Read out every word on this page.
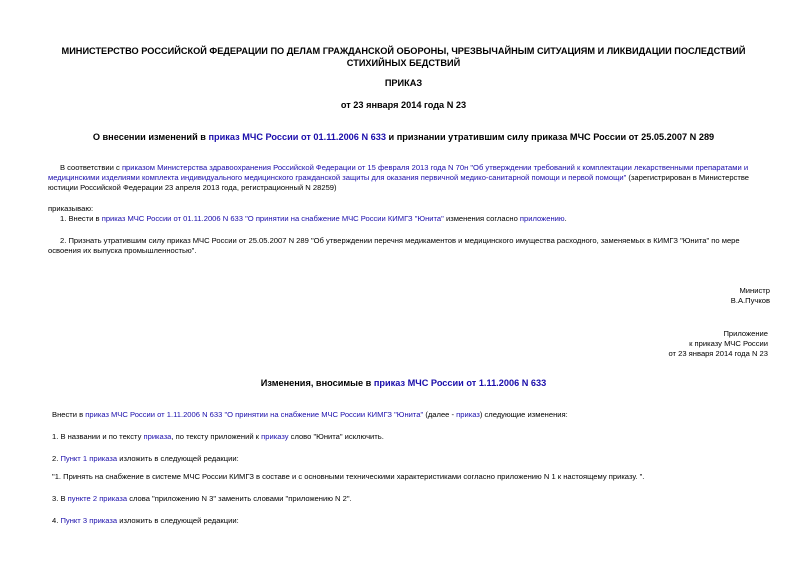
МИНИСТЕРСТВО РОССИЙСКОЙ ФЕДЕРАЦИИ ПО ДЕЛАМ ГРАЖДАНСКОЙ ОБОРОНЫ, ЧРЕЗВЫЧАЙНЫМ СИТУАЦИЯМ И ЛИКВИДАЦИИ ПОСЛЕДСТВИЙ СТИХИЙНЫХ БЕДСТВИЙ
ПРИКАЗ
от 23 января 2014 года N 23
О внесении изменений в приказ МЧС России от 01.11.2006 N 633 и признании утратившим силу приказа МЧС России от 25.05.2007 N 289
В соответствии с приказом Министерства здравоохранения Российской Федерации от 15 февраля 2013 года N 70н "Об утверждении требований к комплектации лекарственными препаратами и медицинскими изделиями комплекта индивидуального медицинского гражданской защиты для оказания первичной медико-санитарной помощи и первой помощи" (зарегистрирован в Министерстве юстиции Российской Федерации 23 апреля 2013 года, регистрационный N 28259)
приказываю:
1. Внести в приказ МЧС России от 01.11.2006 N 633 "О принятии на снабжение МЧС России КИМГЗ "Юнита" изменения согласно приложению.
2. Признать утратившим силу приказ МЧС России от 25.05.2007 N 289 "Об утверждении перечня медикаментов и медицинского имущества расходного, заменяемых в КИМГЗ "Юнита" по мере освоения их выпуска промышленностью".
Министр
В.А.Пучков
Приложение
к приказу МЧС России
от 23 января 2014 года N 23
Изменения, вносимые в приказ МЧС России от 1.11.2006 N 633
Внести в приказ МЧС России от 1.11.2006 N 633 "О принятии на снабжение МЧС России КИМГЗ "Юнита" (далее - приказ) следующие изменения:
1. В названии и по тексту приказа, по тексту приложений к приказу слово "Юнита" исключить.
2. Пункт 1 приказа изложить в следующей редакции:
"1. Принять на снабжение в системе МЧС России КИМГЗ в составе и с основными техническими характеристиками согласно приложению N 1 к настоящему приказу. ".
3. В пункте 2 приказа слова "приложению N 3" заменить словами "приложению N 2".
4. Пункт 3 приказа изложить в следующей редакции:
